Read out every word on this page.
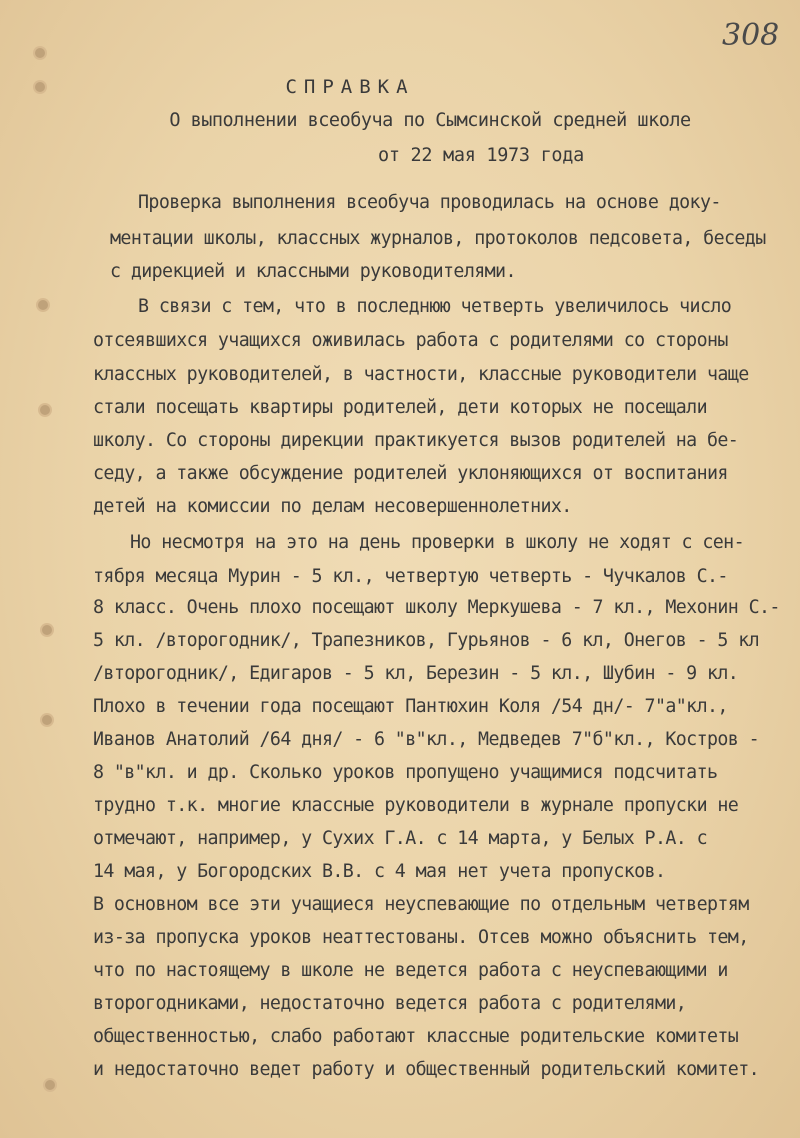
308
СПРАВКА
О выполнении всеобуча по Сымсинской средней школе
от 22 мая 1973 года
Проверка выполнения всеобуча проводилась на основе доку-
ментации школы, классных журналов, протоколов педсовета, беседы
с дирекцией и классными руководителями.
В связи с тем, что в последнюю четверть увеличилось число
отсеявшихся учащихся оживилась работа с родителями со стороны
классных руководителей, в частности, классные руководители чаще
стали посещать квартиры родителей, дети которых не посещали
школу. Со стороны дирекции практикуется вызов родителей на бе-
седу, а также обсуждение родителей уклоняющихся от воспитания
детей на комиссии по делам несовершеннолетних.
Но несмотря на это на день проверки в школу не ходят с сен-
тября месяца Мурин - 5 кл., четвертую четверть - Чучкалов С.-
8 класс. Очень плохо посещают школу Меркушева - 7 кл., Мехонин С.-
5 кл. /второгодник/, Трапезников, Гурьянов - 6 кл, Онегов - 5 кл
/второгодник/, Едигаров - 5 кл, Березин - 5 кл., Шубин - 9 кл.
Плохо в течении года посещают Пантюхин Коля /54 дн/- 7"а"кл.,
Иванов Анатолий /64 дня/ - 6 "в"кл., Медведев 7"б"кл., Костров -
8 "в"кл. и др. Сколько уроков пропущено учащимися подсчитать
трудно т.к. многие классные руководители в журнале пропуски не
отмечают, например, у Сухих Г.А. с 14 марта, у Белых Р.А. с
14 мая, у Богородских В.В. с 4 мая нет учета пропусков.
В основном все эти учащиеся неуспевающие по отдельным четвертям
из-за пропуска уроков неаттестованы. Отсев можно объяснить тем,
что по настоящему в школе не ведется работа с неуспевающими и
второгодниками, недостаточно ведется работа с родителями,
общественностью, слабо работают классные родительские комитеты
и недостаточно ведет работу и общественный родительский комитет.
